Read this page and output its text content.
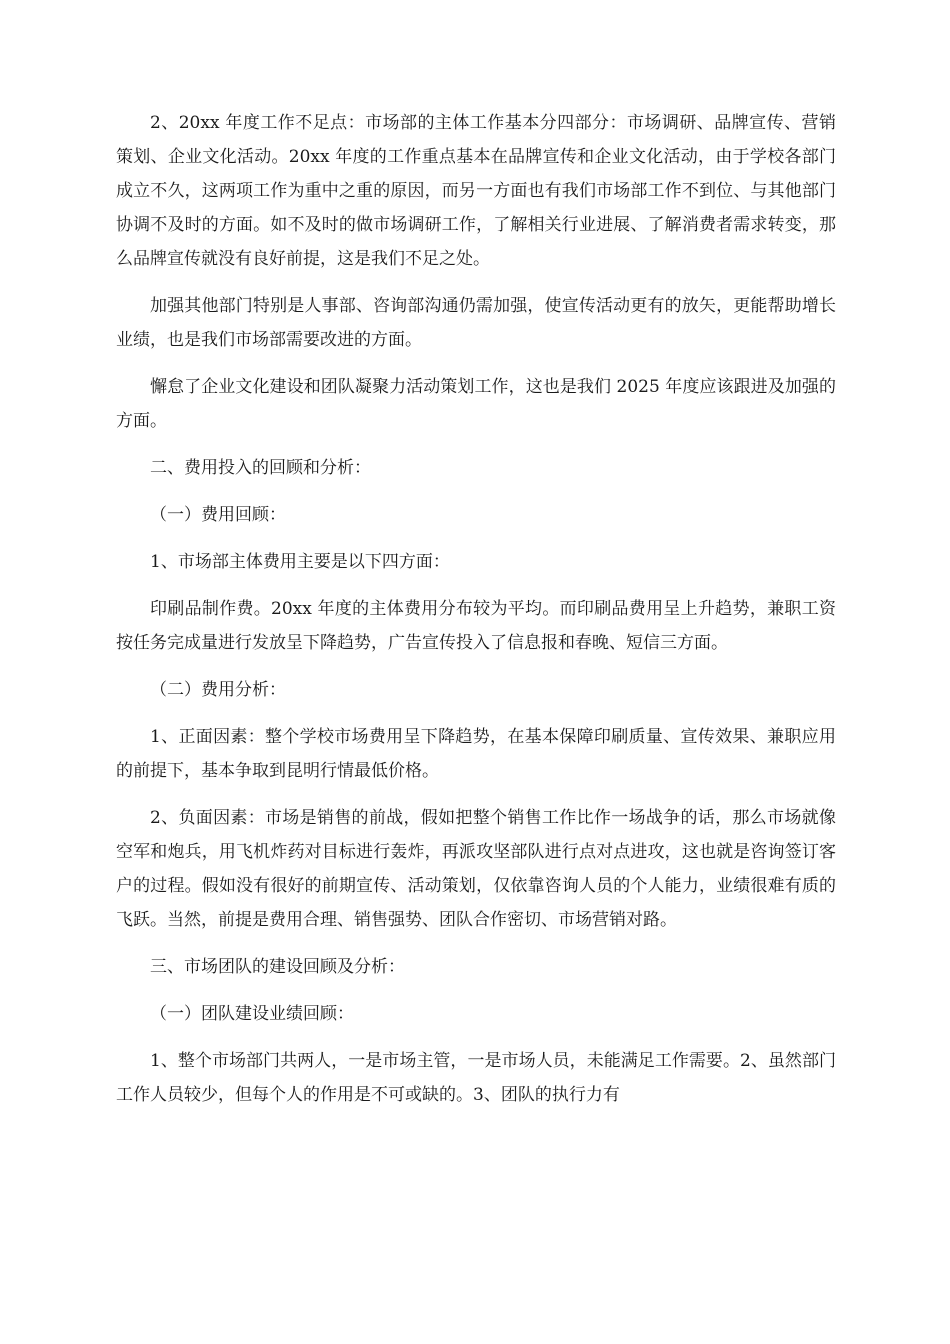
2、20xx 年度工作不足点：市场部的主体工作基本分四部分：市场调研、品牌宣传、营销策划、企业文化活动。20xx 年度的工作重点基本在品牌宣传和企业文化活动，由于学校各部门成立不久，这两项工作为重中之重的原因，而另一方面也有我们市场部工作不到位、与其他部门协调不及时的方面。如不及时的做市场调研工作，了解相关行业进展、了解消费者需求转变，那么品牌宣传就没有良好前提，这是我们不足之处。

加强其他部门特别是人事部、咨询部沟通仍需加强，使宣传活动更有的放矢，更能帮助增长业绩，也是我们市场部需要改进的方面。

懈怠了企业文化建设和团队凝聚力活动策划工作，这也是我们 2025 年度应该跟进及加强的方面。

二、费用投入的回顾和分析：

（一）费用回顾：

1、市场部主体费用主要是以下四方面：

印刷品制作费。20xx 年度的主体费用分布较为平均。而印刷品费用呈上升趋势，兼职工资按任务完成量进行发放呈下降趋势，广告宣传投入了信息报和春晚、短信三方面。

（二）费用分析：

1、正面因素：整个学校市场费用呈下降趋势，在基本保障印刷质量、宣传效果、兼职应用的前提下，基本争取到昆明行情最低价格。

2、负面因素：市场是销售的前战，假如把整个销售工作比作一场战争的话，那么市场就像空军和炮兵，用飞机炸药对目标进行轰炸，再派攻坚部队进行点对点进攻，这也就是咨询签订客户的过程。假如没有很好的前期宣传、活动策划，仅依靠咨询人员的个人能力，业绩很难有质的飞跃。当然，前提是费用合理、销售强势、团队合作密切、市场营销对路。

三、市场团队的建设回顾及分析：

（一）团队建设业绩回顾：

1、整个市场部门共两人，一是市场主管，一是市场人员，未能满足工作需要。2、虽然部门工作人员较少，但每个人的作用是不可或缺的。3、团队的执行力有
